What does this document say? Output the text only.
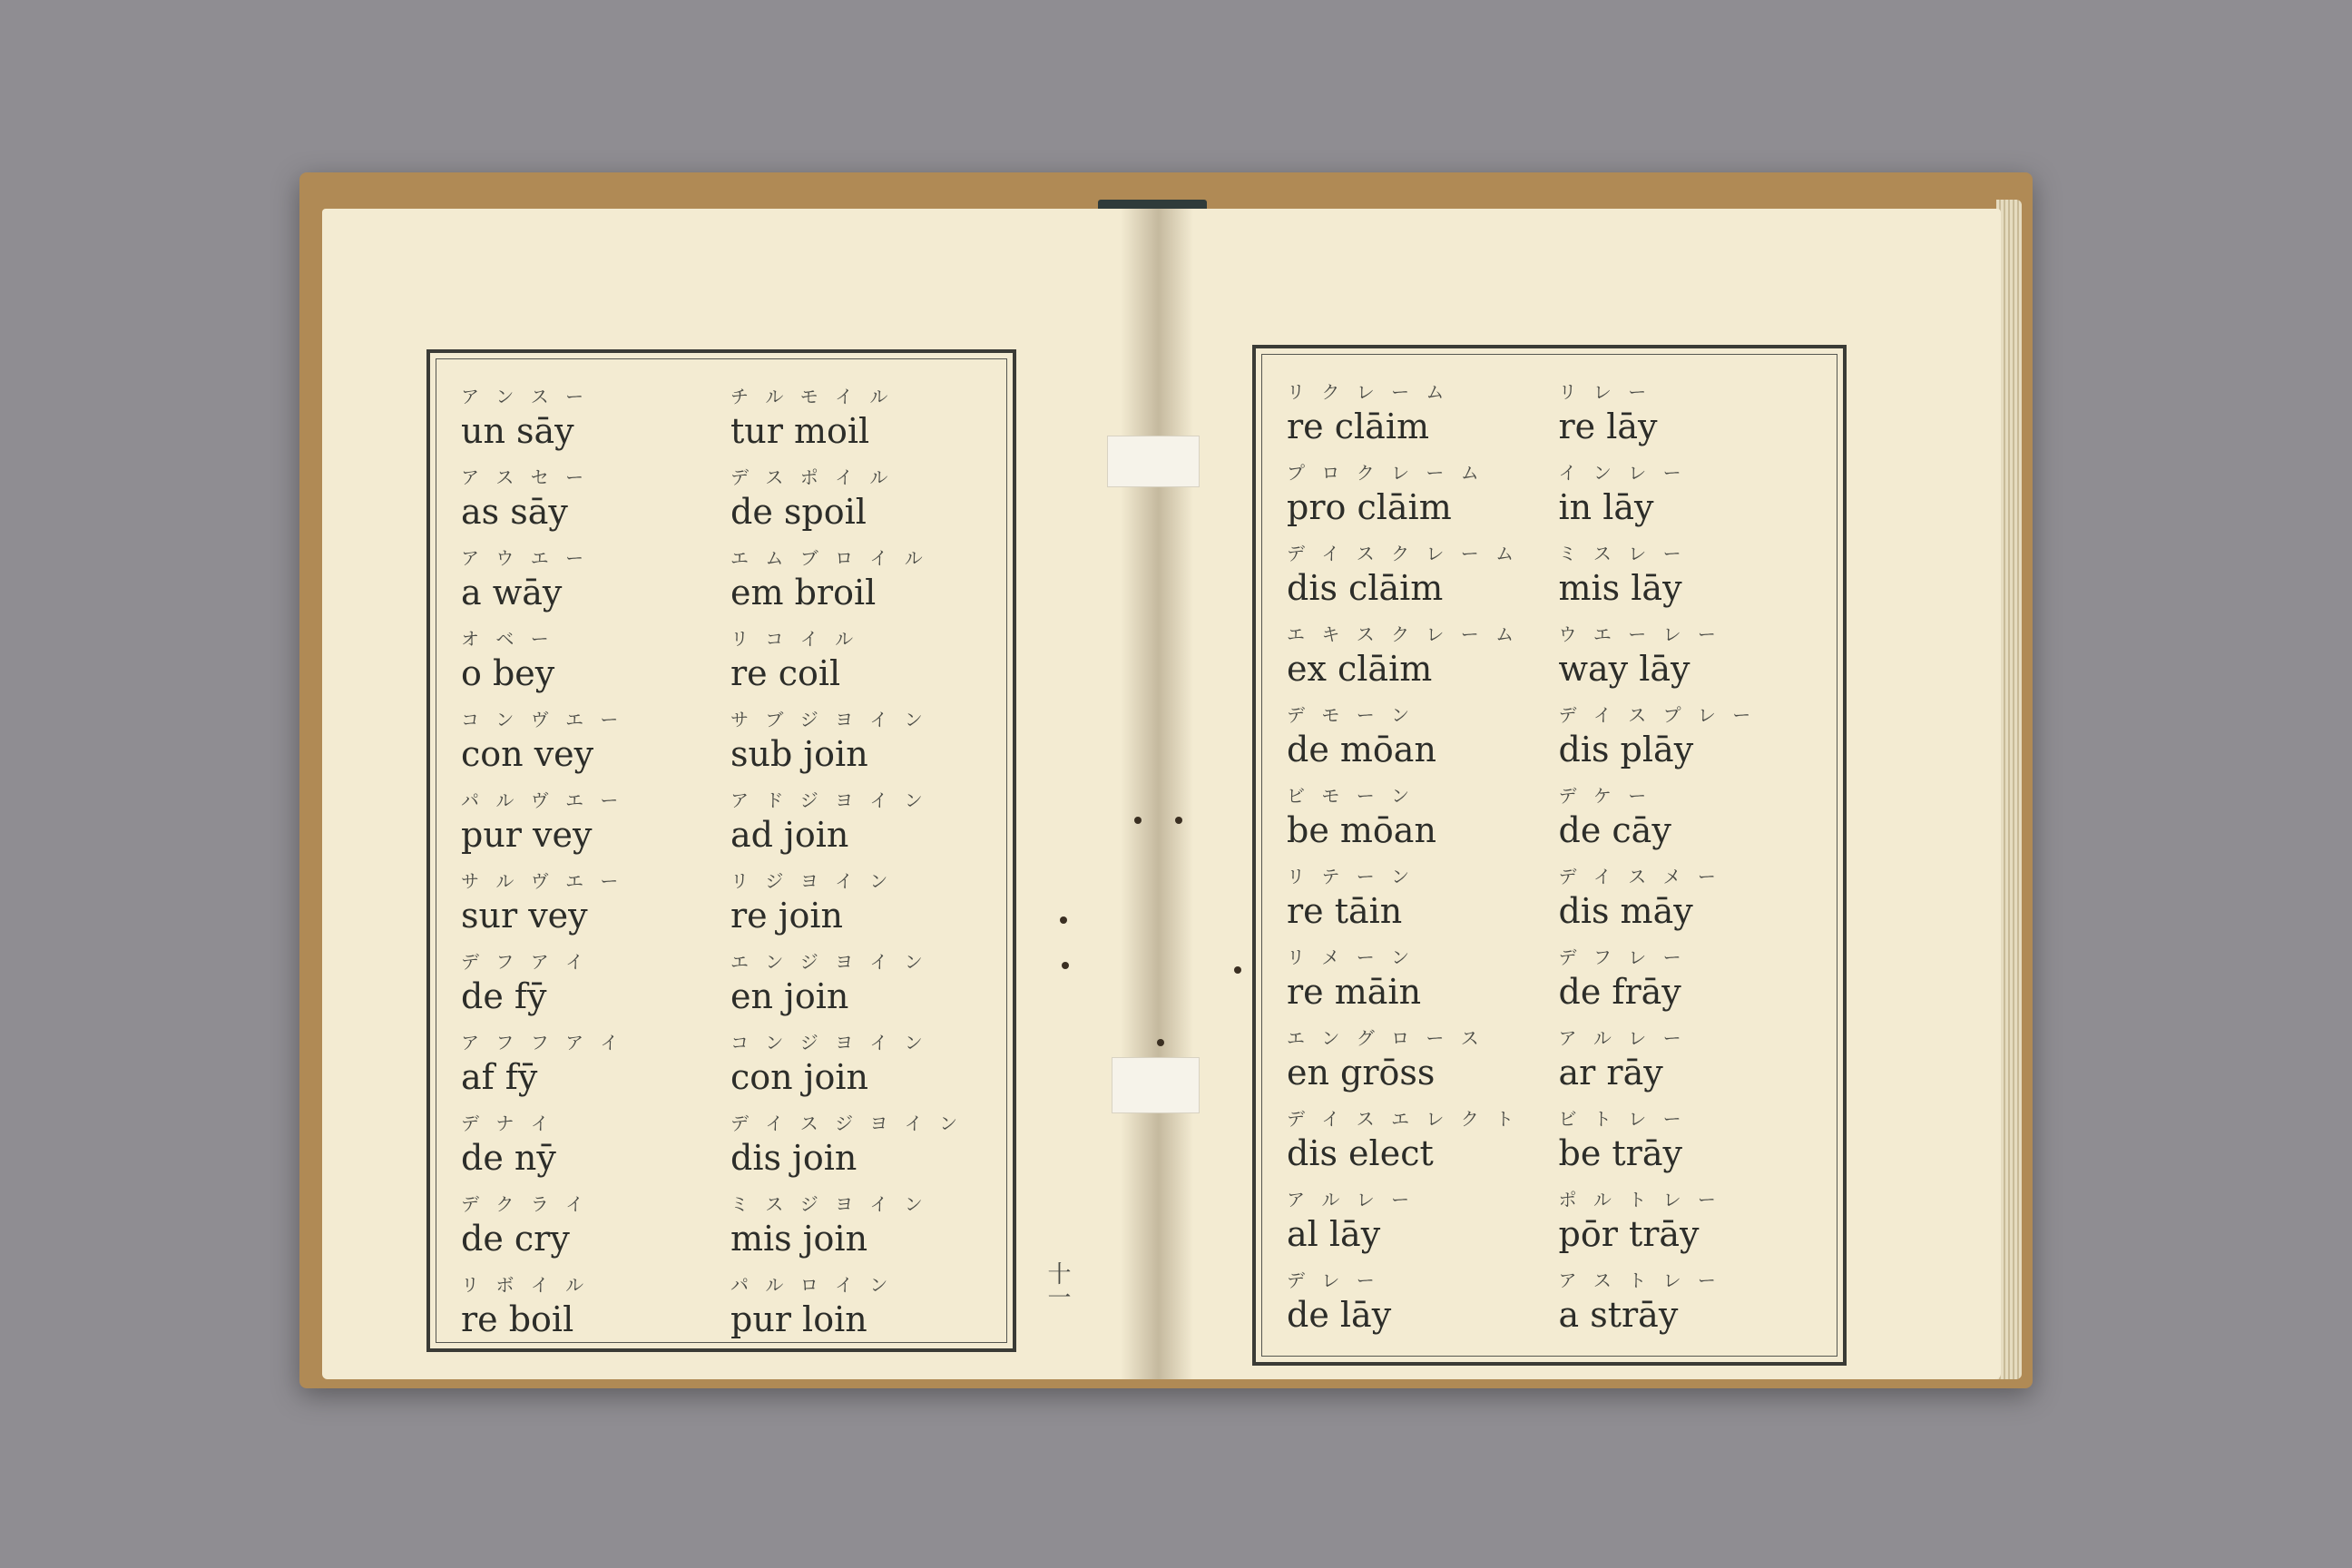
ア ン ス ー
un sāy
チ ル モ イ ル
tur moil
ア ス セ ー
as sāy
デ ス ポ イ ル
de spoil
ア ウ エ ー
a wāy
エ ム ブ ロ イ ル
em broil
オ ベ ー
o bey
リ コ イ ル
re coil
コ ン ヴ エ ー
con vey
サ ブ ジ ヨ イ ン
sub join
パ ル ヴ エ ー
pur vey
ア ド ジ ヨ イ ン
ad join
サ ル ヴ エ ー
sur vey
リ ジ ヨ イ ン
re join
デ フ ア イ
de fȳ
エ ン ジ ヨ イ ン
en join
ア フ フ ア イ
af fȳ
コ ン ジ ヨ イ ン
con join
デ ナ イ
de nȳ
デ イ ス ジ ヨ イ ン
dis join
デ ク ラ イ
de cry
ミ ス ジ ヨ イ ン
mis join
リ ボ イ ル
re boil
パ ル ロ イ ン
pur loin
十一
リ ク レ ー ム
re clāim
リ レ ー
re lāy
プ ロ ク レ ー ム
pro clāim
イ ン レ ー
in lāy
デ イ ス ク レ ー ム
dis clāim
ミ ス レ ー
mis lāy
エ キ ス ク レ ー ム
ex clāim
ウ エ ー レ ー
way lāy
デ モ ー ン
de mōan
デ イ ス プ レ ー
dis plāy
ビ モ ー ン
be mōan
デ ケ ー
de cāy
リ テ ー ン
re tāin
デ イ ス メ ー
dis māy
リ メ ー ン
re māin
デ フ レ ー
de frāy
エ ン グ ロ ー ス
en grōss
ア ル レ ー
ar rāy
デ イ ス エ レ ク ト
dis elect
ビ ト レ ー
be trāy
ア ル レ ー
al lāy
ポ ル ト レ ー
pōr trāy
デ レ ー
de lāy
ア ス ト レ ー
a strāy
